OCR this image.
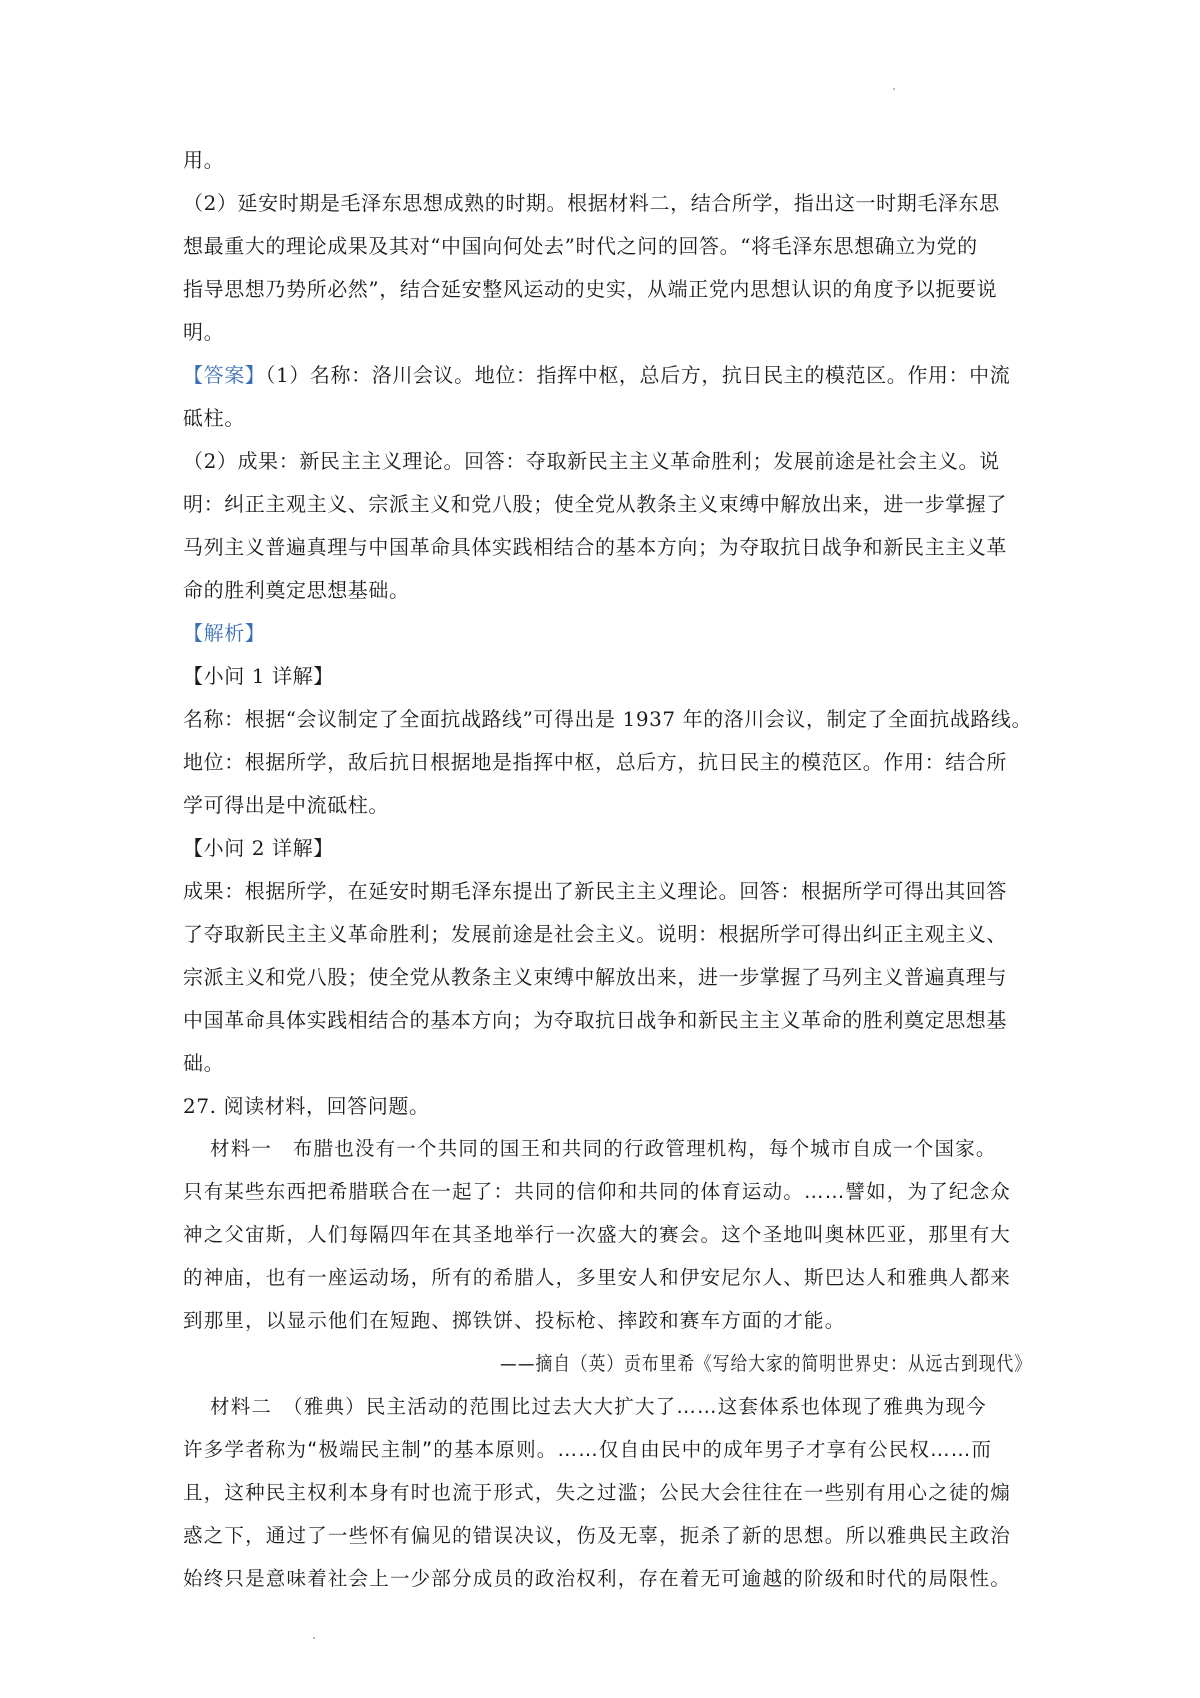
用。
（2）延安时期是毛泽东思想成熟的时期。根据材料二，结合所学，指出这一时期毛泽东思
想最重大的理论成果及其对“中国向何处去”时代之问的回答。“将毛泽东思想确立为党的
指导思想乃势所必然”，结合延安整风运动的史实，从端正党内思想认识的角度予以扼要说
明。
【答案】（1）名称：洛川会议。地位：指挥中枢，总后方，抗日民主的模范区。作用：中流
砥柱。
（2）成果：新民主主义理论。回答：夺取新民主主义革命胜利；发展前途是社会主义。说
明：纠正主观主义、宗派主义和党八股；使全党从教条主义束缚中解放出来，进一步掌握了
马列主义普遍真理与中国革命具体实践相结合的基本方向；为夺取抗日战争和新民主主义革
命的胜利奠定思想基础。
【解析】
【小问 1 详解】
名称：根据“会议制定了全面抗战路线”可得出是 1937 年的洛川会议，制定了全面抗战路线。
地位：根据所学，敌后抗日根据地是指挥中枢，总后方，抗日民主的模范区。作用：结合所
学可得出是中流砥柱。
【小问 2 详解】
成果：根据所学，在延安时期毛泽东提出了新民主主义理论。回答：根据所学可得出其回答
了夺取新民主主义革命胜利；发展前途是社会主义。说明：根据所学可得出纠正主观主义、
宗派主义和党八股；使全党从教条主义束缚中解放出来，进一步掌握了马列主义普遍真理与
中国革命具体实践相结合的基本方向；为夺取抗日战争和新民主主义革命的胜利奠定思想基
础。
27. 阅读材料，回答问题。
材料一　布腊也没有一个共同的国王和共同的行政管理机构，每个城市自成一个国家。
只有某些东西把希腊联合在一起了：共同的信仰和共同的体育运动。……譬如，为了纪念众
神之父宙斯，人们每隔四年在其圣地举行一次盛大的赛会。这个圣地叫奥林匹亚，那里有大
的神庙，也有一座运动场，所有的希腊人，多里安人和伊安尼尔人、斯巴达人和雅典人都来
到那里，以显示他们在短跑、掷铁饼、投标枪、摔跤和赛车方面的才能。
——摘自（英）贡布里希《写给大家的简明世界史：从远古到现代》
材料二　（雅典）民主活动的范围比过去大大扩大了……这套体系也体现了雅典为现今
许多学者称为“极端民主制”的基本原则。……仅自由民中的成年男子才享有公民权……而
且，这种民主权利本身有时也流于形式，失之过滥；公民大会往往在一些别有用心之徒的煽
惑之下，通过了一些怀有偏见的错误决议，伤及无辜，扼杀了新的思想。所以雅典民主政治
始终只是意味着社会上一少部分成员的政治权利，存在着无可逾越的阶级和时代的局限性。
